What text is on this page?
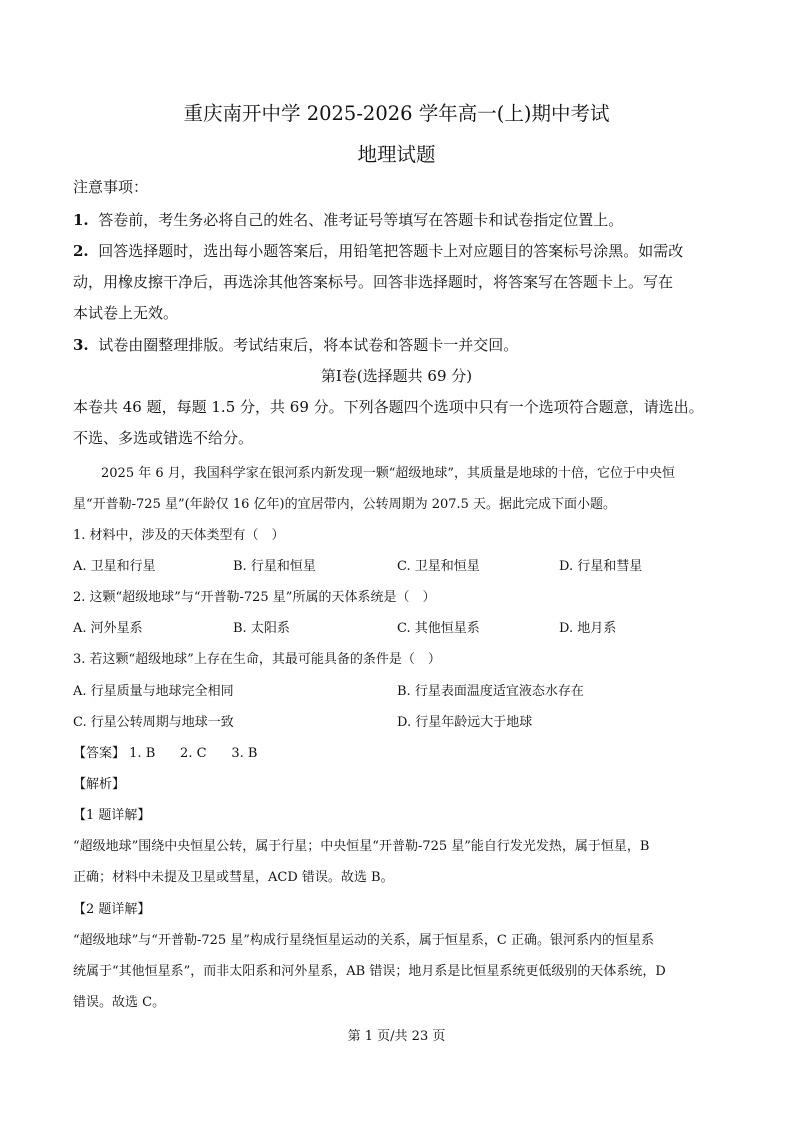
重庆南开中学 2025-2026 学年高一(上)期中考试
地理试题
注意事项：
1. 答卷前，考生务必将自己的姓名、准考证号等填写在答题卡和试卷指定位置上。
2. 回答选择题时，选出每小题答案后，用铅笔把答题卡上对应题目的答案标号涂黑。如需改
动，用橡皮擦干净后，再选涂其他答案标号。回答非选择题时，将答案写在答题卡上。写在
本试卷上无效。
3. 试卷由圈整理排版。考试结束后，将本试卷和答题卡一并交回。
第Ⅰ卷(选择题共 69 分)
本卷共 46 题，每题 1.5 分，共 69 分。下列各题四个选项中只有一个选项符合题意，请选出。
不选、多选或错选不给分。
2025 年 6 月，我国科学家在银河系内新发现一颗“超级地球”，其质量是地球的十倍，它位于中央恒
星“开普勒-725 星”(年龄仅 16 亿年)的宜居带内，公转周期为 207.5 天。据此完成下面小题。
1. 材料中，涉及的天体类型有（　）
A. 卫星和行星	B. 行星和恒星	C. 卫星和恒星	D. 行星和彗星
2. 这颗“超级地球”与“开普勒-725 星”所属的天体系统是（　）
A. 河外星系	B. 太阳系	C. 其他恒星系	D. 地月系
3. 若这颗“超级地球”上存在生命，其最可能具备的条件是（　）
A. 行星质量与地球完全相同	B. 行星表面温度适宜液态水存在
C. 行星公转周期与地球一致	D. 行星年龄远大于地球
【答案】 1. B 2. C 3. B
【解析】
【1 题详解】
“超级地球”围绕中央恒星公转，属于行星；中央恒星“开普勒-725 星”能自行发光发热，属于恒星，B
正确；材料中未提及卫星或彗星，ACD 错误。故选 B。
【2 题详解】
“超级地球”与“开普勒-725 星”构成行星绕恒星运动的关系，属于恒星系，C 正确。银河系内的恒星系
统属于“其他恒星系”，而非太阳系和河外星系，AB 错误；地月系是比恒星系统更低级别的天体系统，D
错误。故选 C。
第 1 页/共 23 页
